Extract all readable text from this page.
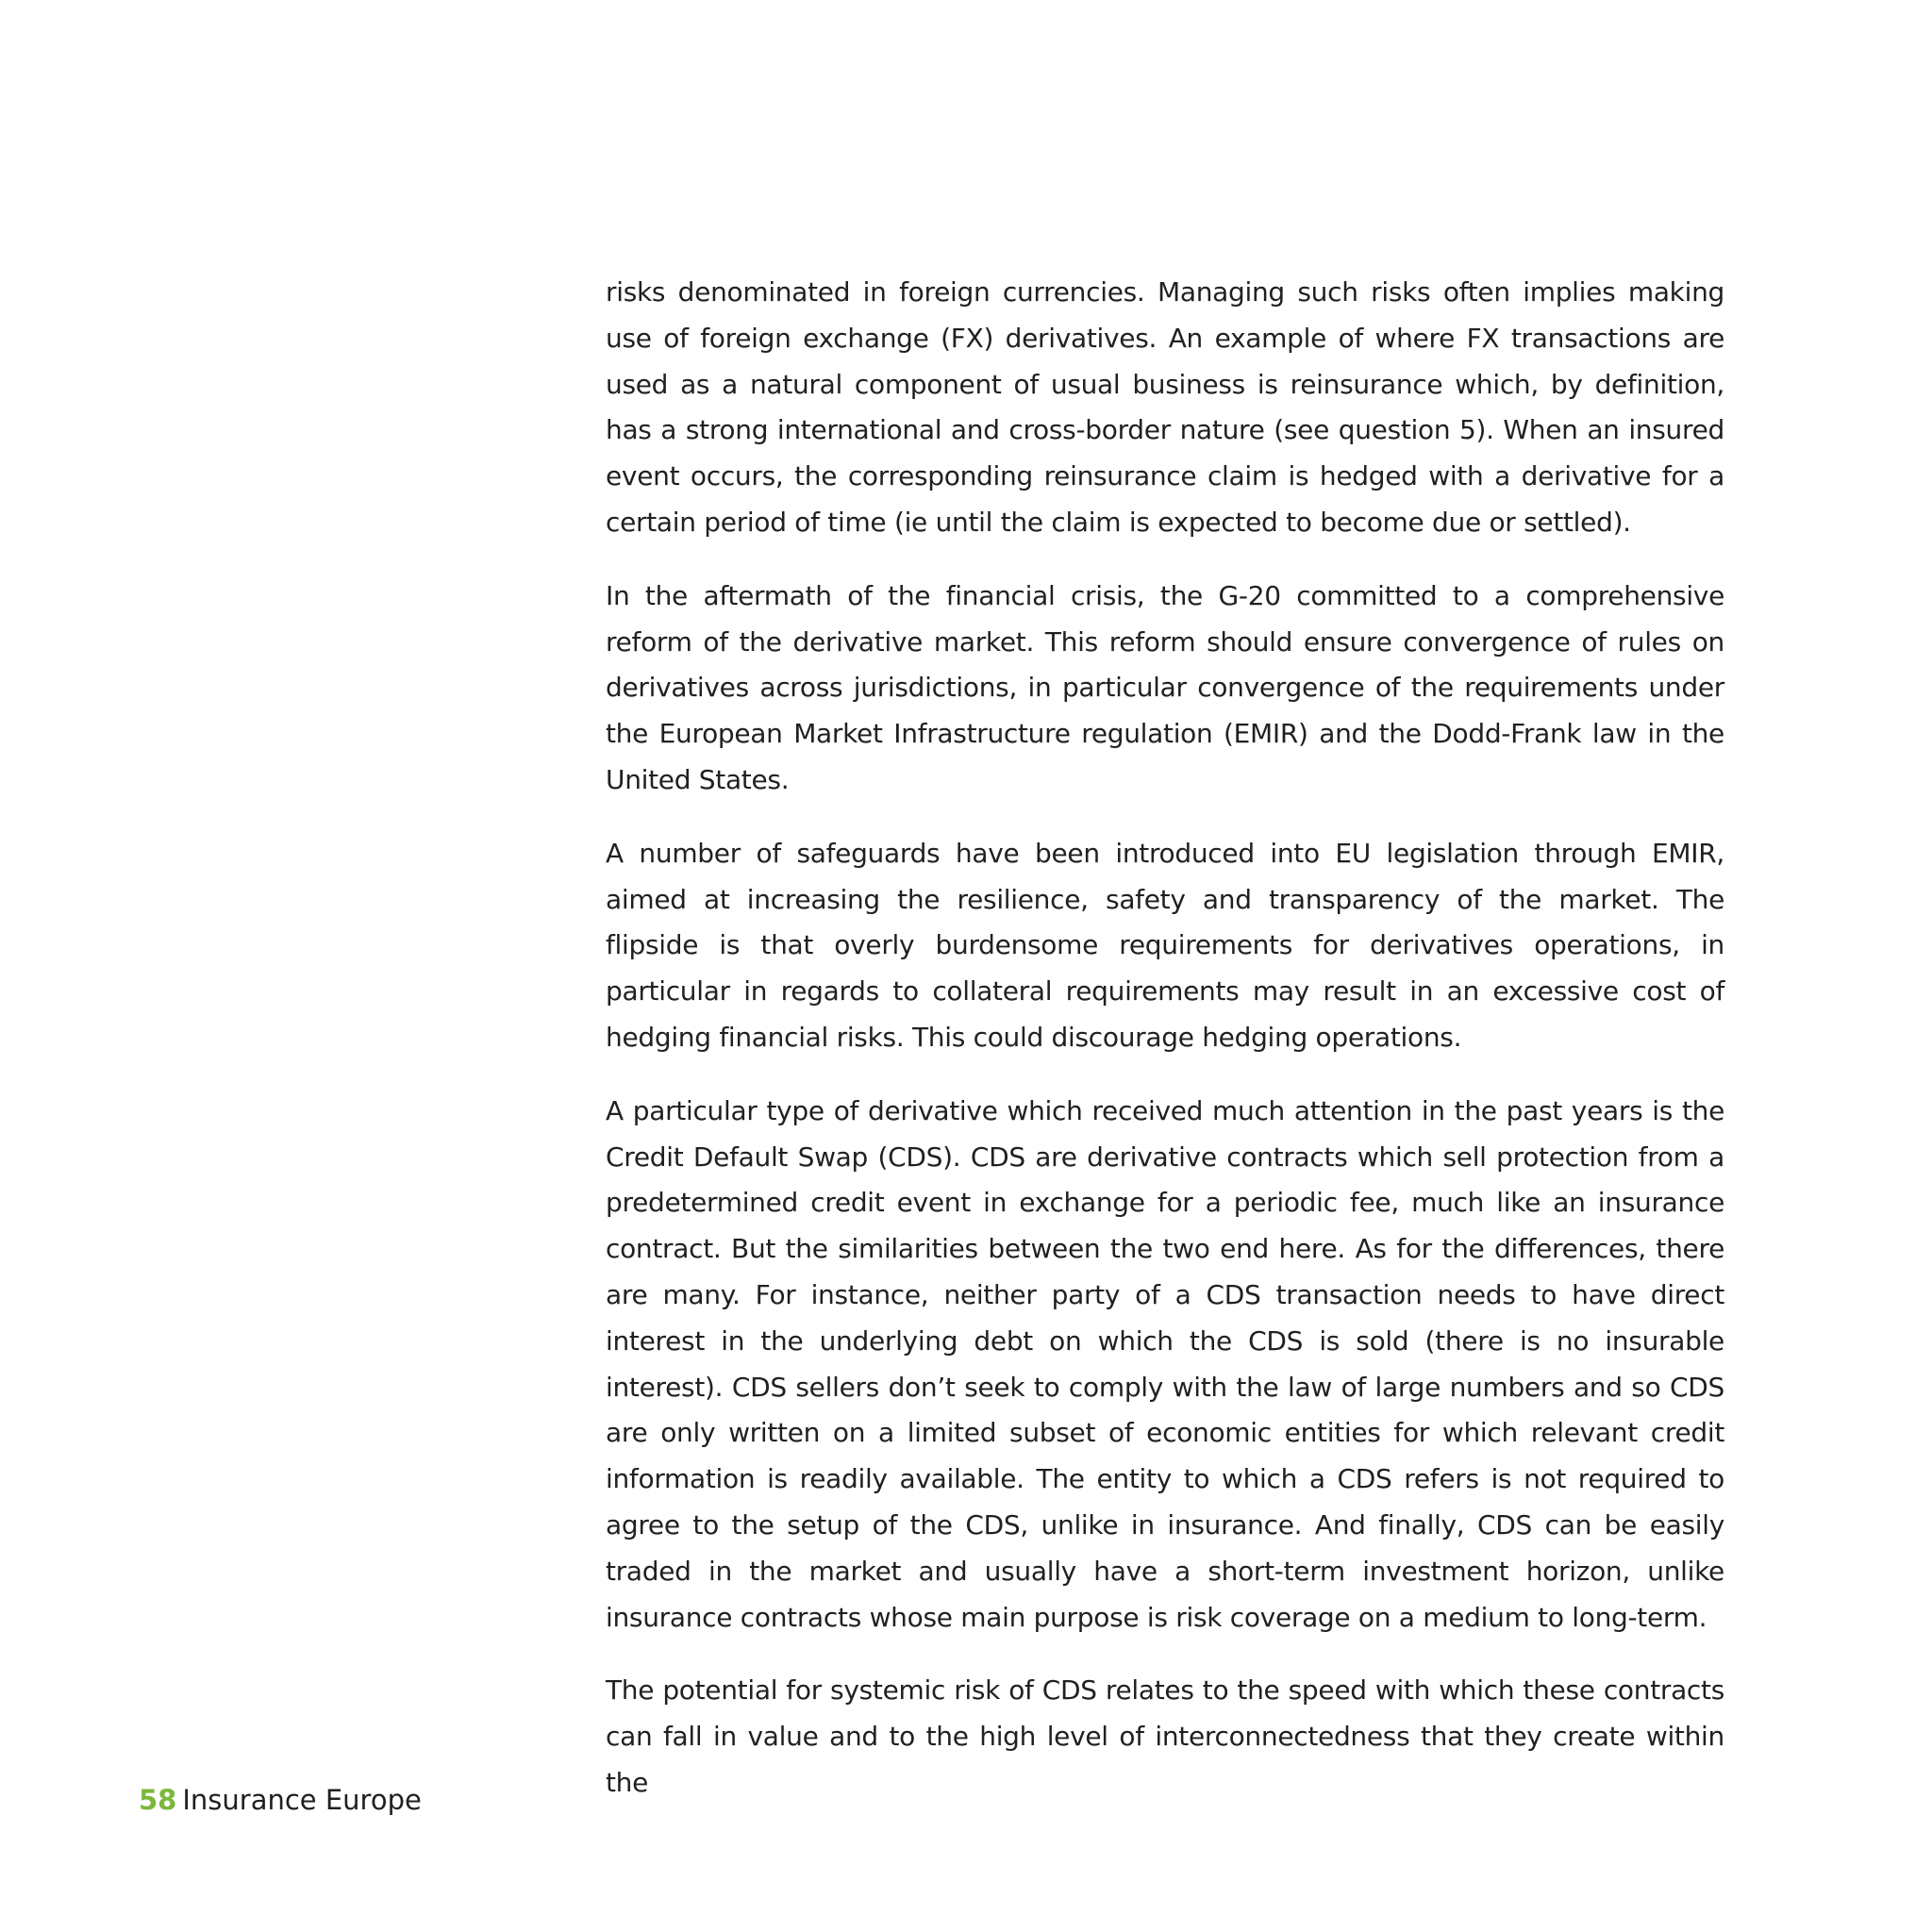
risks denominated in foreign currencies. Managing such risks often implies making use of foreign exchange (FX) derivatives. An example of where FX transactions are used as a natural component of usual business is reinsurance which, by definition, has a strong international and cross-border nature (see question 5). When an insured event occurs, the corresponding reinsurance claim is hedged with a derivative for a certain period of time (ie until the claim is expected to become due or settled).

In the aftermath of the financial crisis, the G-20 committed to a comprehensive reform of the derivative market. This reform should ensure convergence of rules on derivatives across jurisdictions, in particular convergence of the requirements under the European Market Infrastructure regulation (EMIR) and the Dodd-Frank law in the United States.

A number of safeguards have been introduced into EU legislation through EMIR, aimed at increasing the resilience, safety and transparency of the market. The flipside is that overly burdensome requirements for derivatives operations, in particular in regards to collateral requirements may result in an excessive cost of hedging financial risks. This could discourage hedging operations.

A particular type of derivative which received much attention in the past years is the Credit Default Swap (CDS). CDS are derivative contracts which sell protection from a predetermined credit event in exchange for a periodic fee, much like an insurance contract. But the similarities between the two end here. As for the differences, there are many. For instance, neither party of a CDS transaction needs to have direct interest in the underlying debt on which the CDS is sold (there is no insurable interest). CDS sellers don’t seek to comply with the law of large numbers and so CDS are only written on a limited subset of economic entities for which relevant credit information is readily available. The entity to which a CDS refers is not required to agree to the setup of the CDS, unlike in insurance. And finally, CDS can be easily traded in the market and usually have a short-term investment horizon, unlike insurance contracts whose main purpose is risk coverage on a medium to long-term.

The potential for systemic risk of CDS relates to the speed with which these contracts can fall in value and to the high level of interconnectedness that they create within the

58 Insurance Europe
